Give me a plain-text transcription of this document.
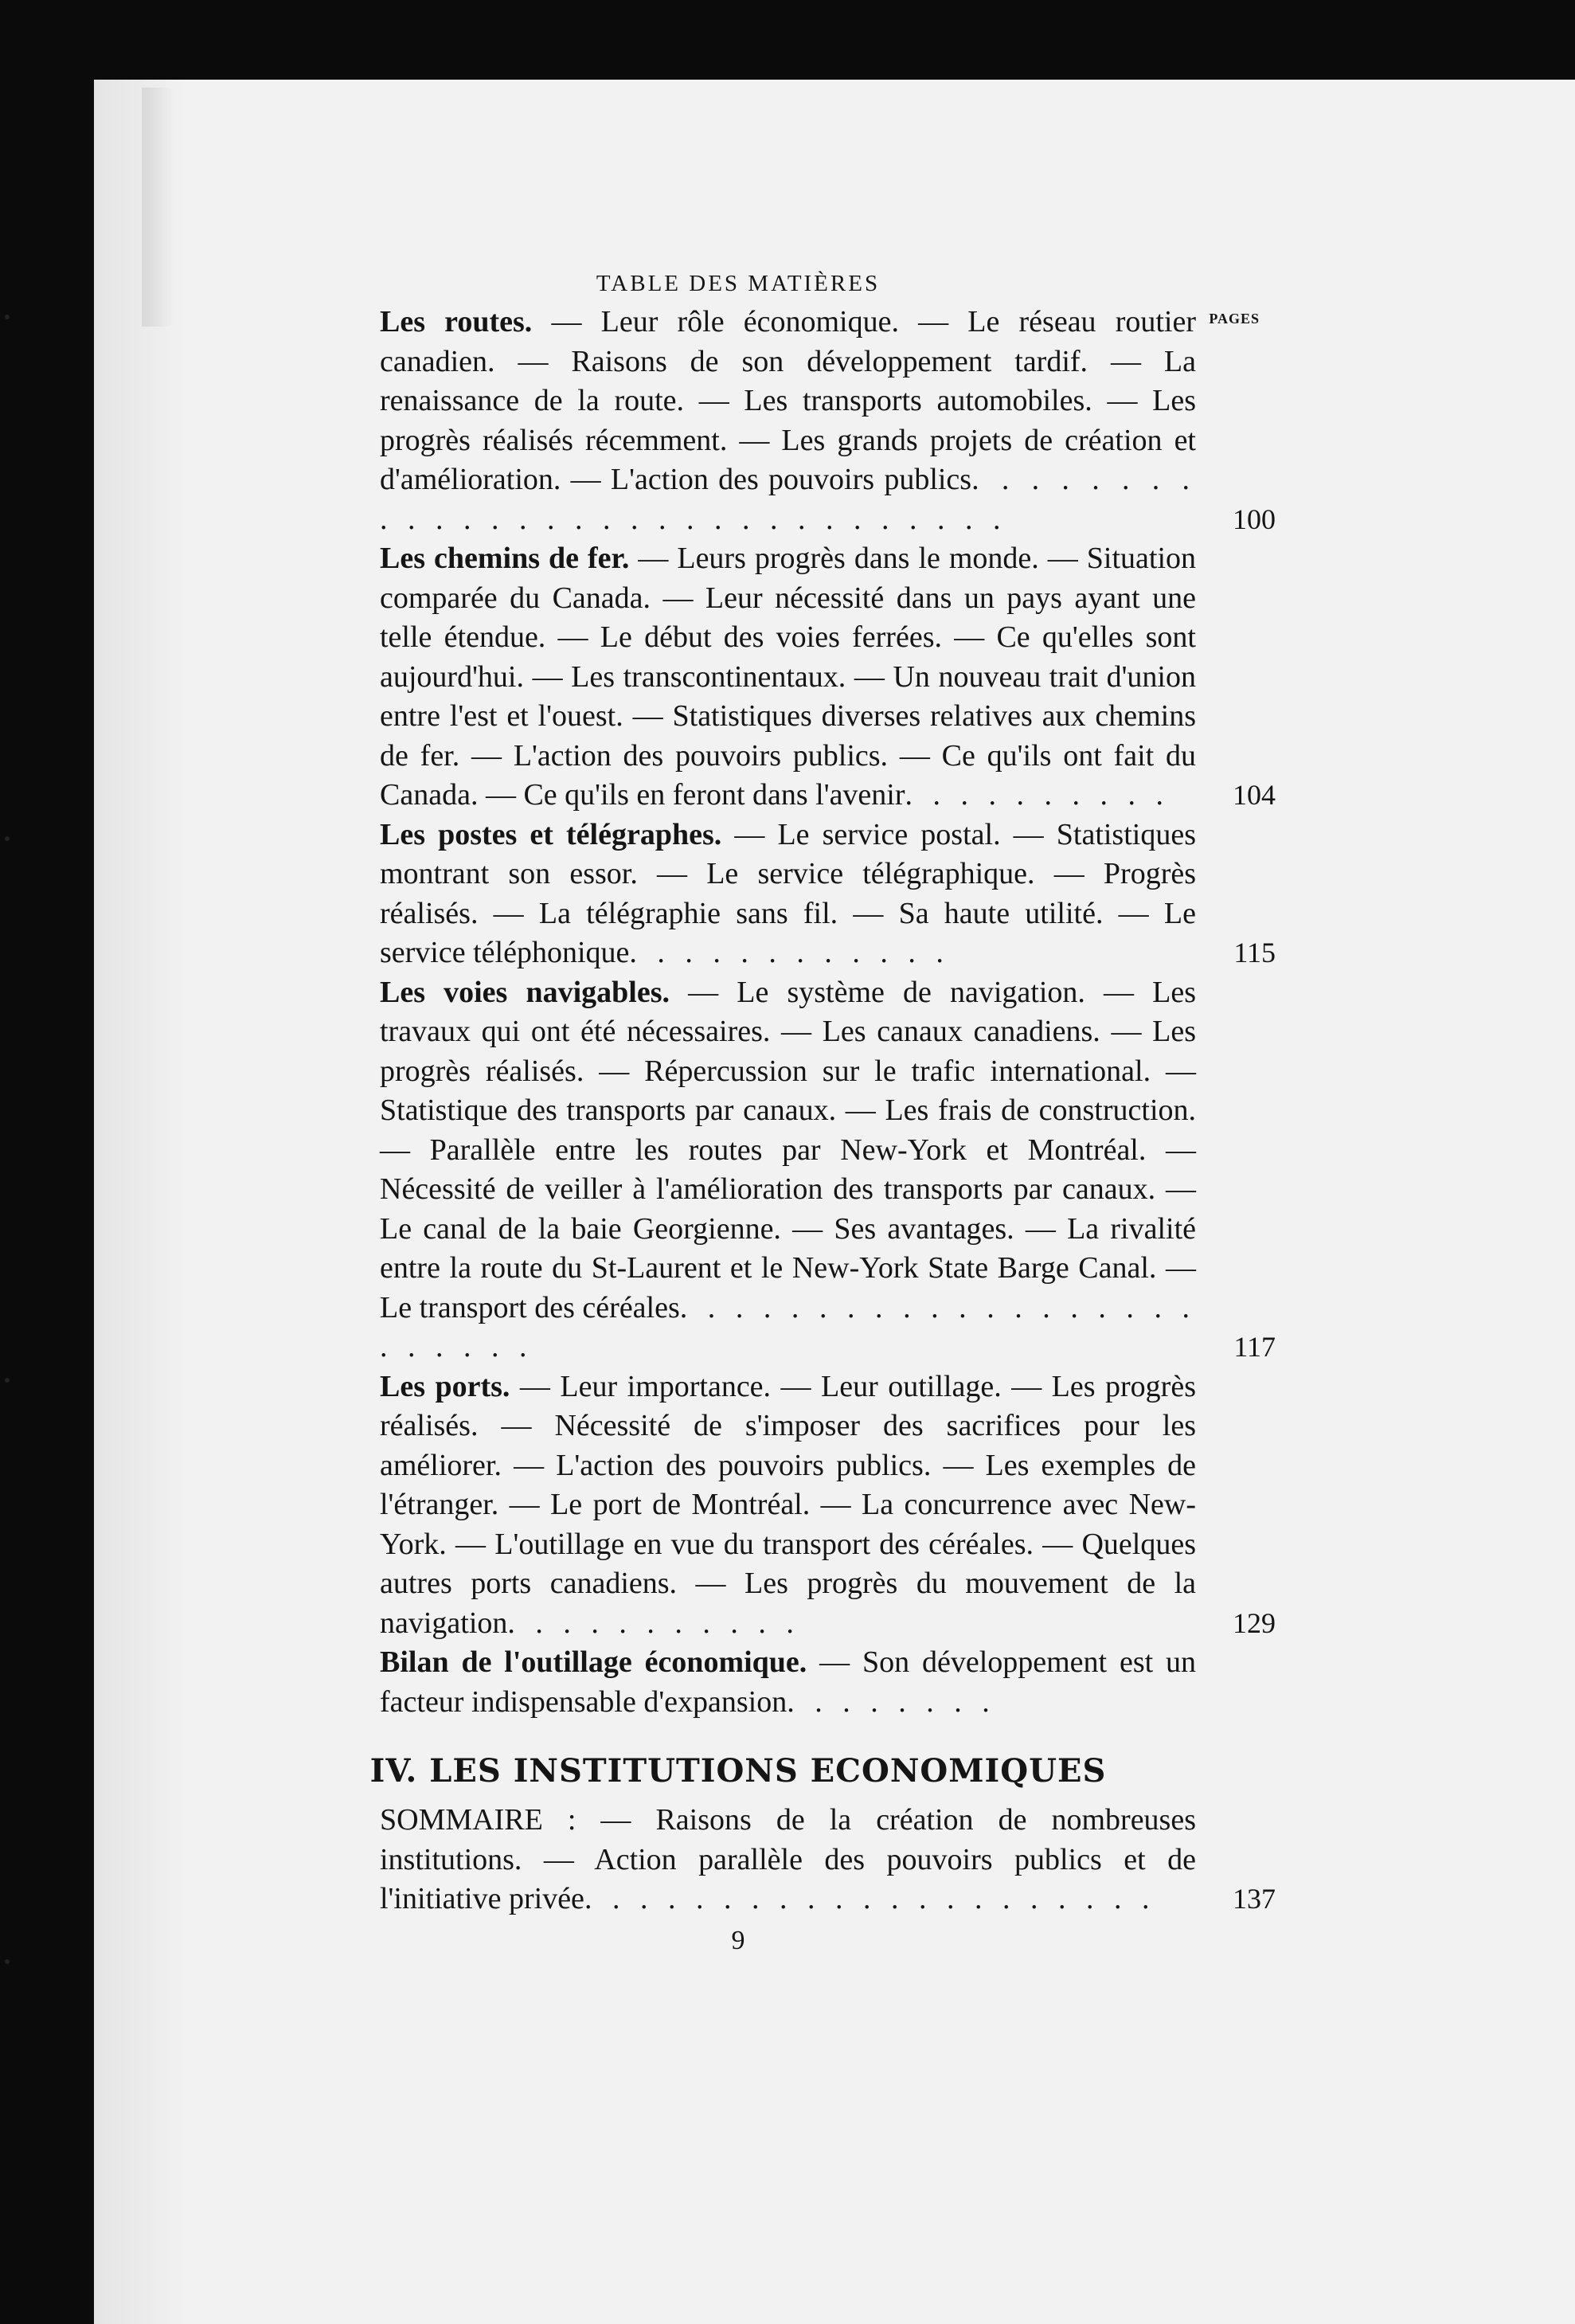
TABLE DES MATIÈRES
PAGES
Les routes. — Leur rôle économique. — Le réseau routier canadien. — Raisons de son développement tardif. — La renaissance de la route. — Les transports automobiles. — Les progrès réalisés récemment. — Les grands projets de création et d'amélioration. — L'action des pouvoirs publics. . . . . . . . . . . . . . . . . . . . . . . . . . . . . . .	100
Les chemins de fer. — Leurs progrès dans le monde. — Situation comparée du Canada. — Leur nécessité dans un pays ayant une telle étendue. — Le début des voies ferrées. — Ce qu'elles sont aujourd'hui. — Les transcontinentaux. — Un nouveau trait d'union entre l'est et l'ouest. — Statistiques diverses relatives aux chemins de fer. — L'action des pouvoirs publics. — Ce qu'ils ont fait du Canada. — Ce qu'ils en feront dans l'avenir. . . . . . . . . .	104
Les postes et télégraphes. — Le service postal. — Statistiques montrant son essor. — Le service télégraphique. — Progrès réalisés. — La télégraphie sans fil. — Sa haute utilité. — Le service téléphonique. . . . . . . . . . . .	115
Les voies navigables. — Le système de navigation. — Les travaux qui ont été nécessaires. — Les canaux canadiens. — Les progrès réalisés. — Répercussion sur le trafic international. — Statistique des transports par canaux. — Les frais de construction. — Parallèle entre les routes par New-York et Montréal. — Nécessité de veiller à l'amélioration des transports par canaux. — Le canal de la baie Georgienne. — Ses avantages. — La rivalité entre la route du St-Laurent et le New-York State Barge Canal. — Le transport des céréales. . . . . . . . . . . . . . . . . . . . . . . . .	117
Les ports. — Leur importance. — Leur outillage. — Les progrès réalisés. — Nécessité de s'imposer des sacrifices pour les améliorer. — L'action des pouvoirs publics. — Les exemples de l'étranger. — Le port de Montréal. — La concurrence avec New-York. — L'outillage en vue du transport des céréales. — Quelques autres ports canadiens. — Les progrès du mouvement de la navigation. . . . . . . . . . .	129
Bilan de l'outillage économique. — Son développement est un facteur indispensable d'expansion. . . . . . . .
IV. LES INSTITUTIONS ECONOMIQUES
SOMMAIRE : — Raisons de la création de nombreuses institutions. — Action parallèle des pouvoirs publics et de l'initiative privée. . . . . . . . . . . . . . . . . . . . .	137
9
